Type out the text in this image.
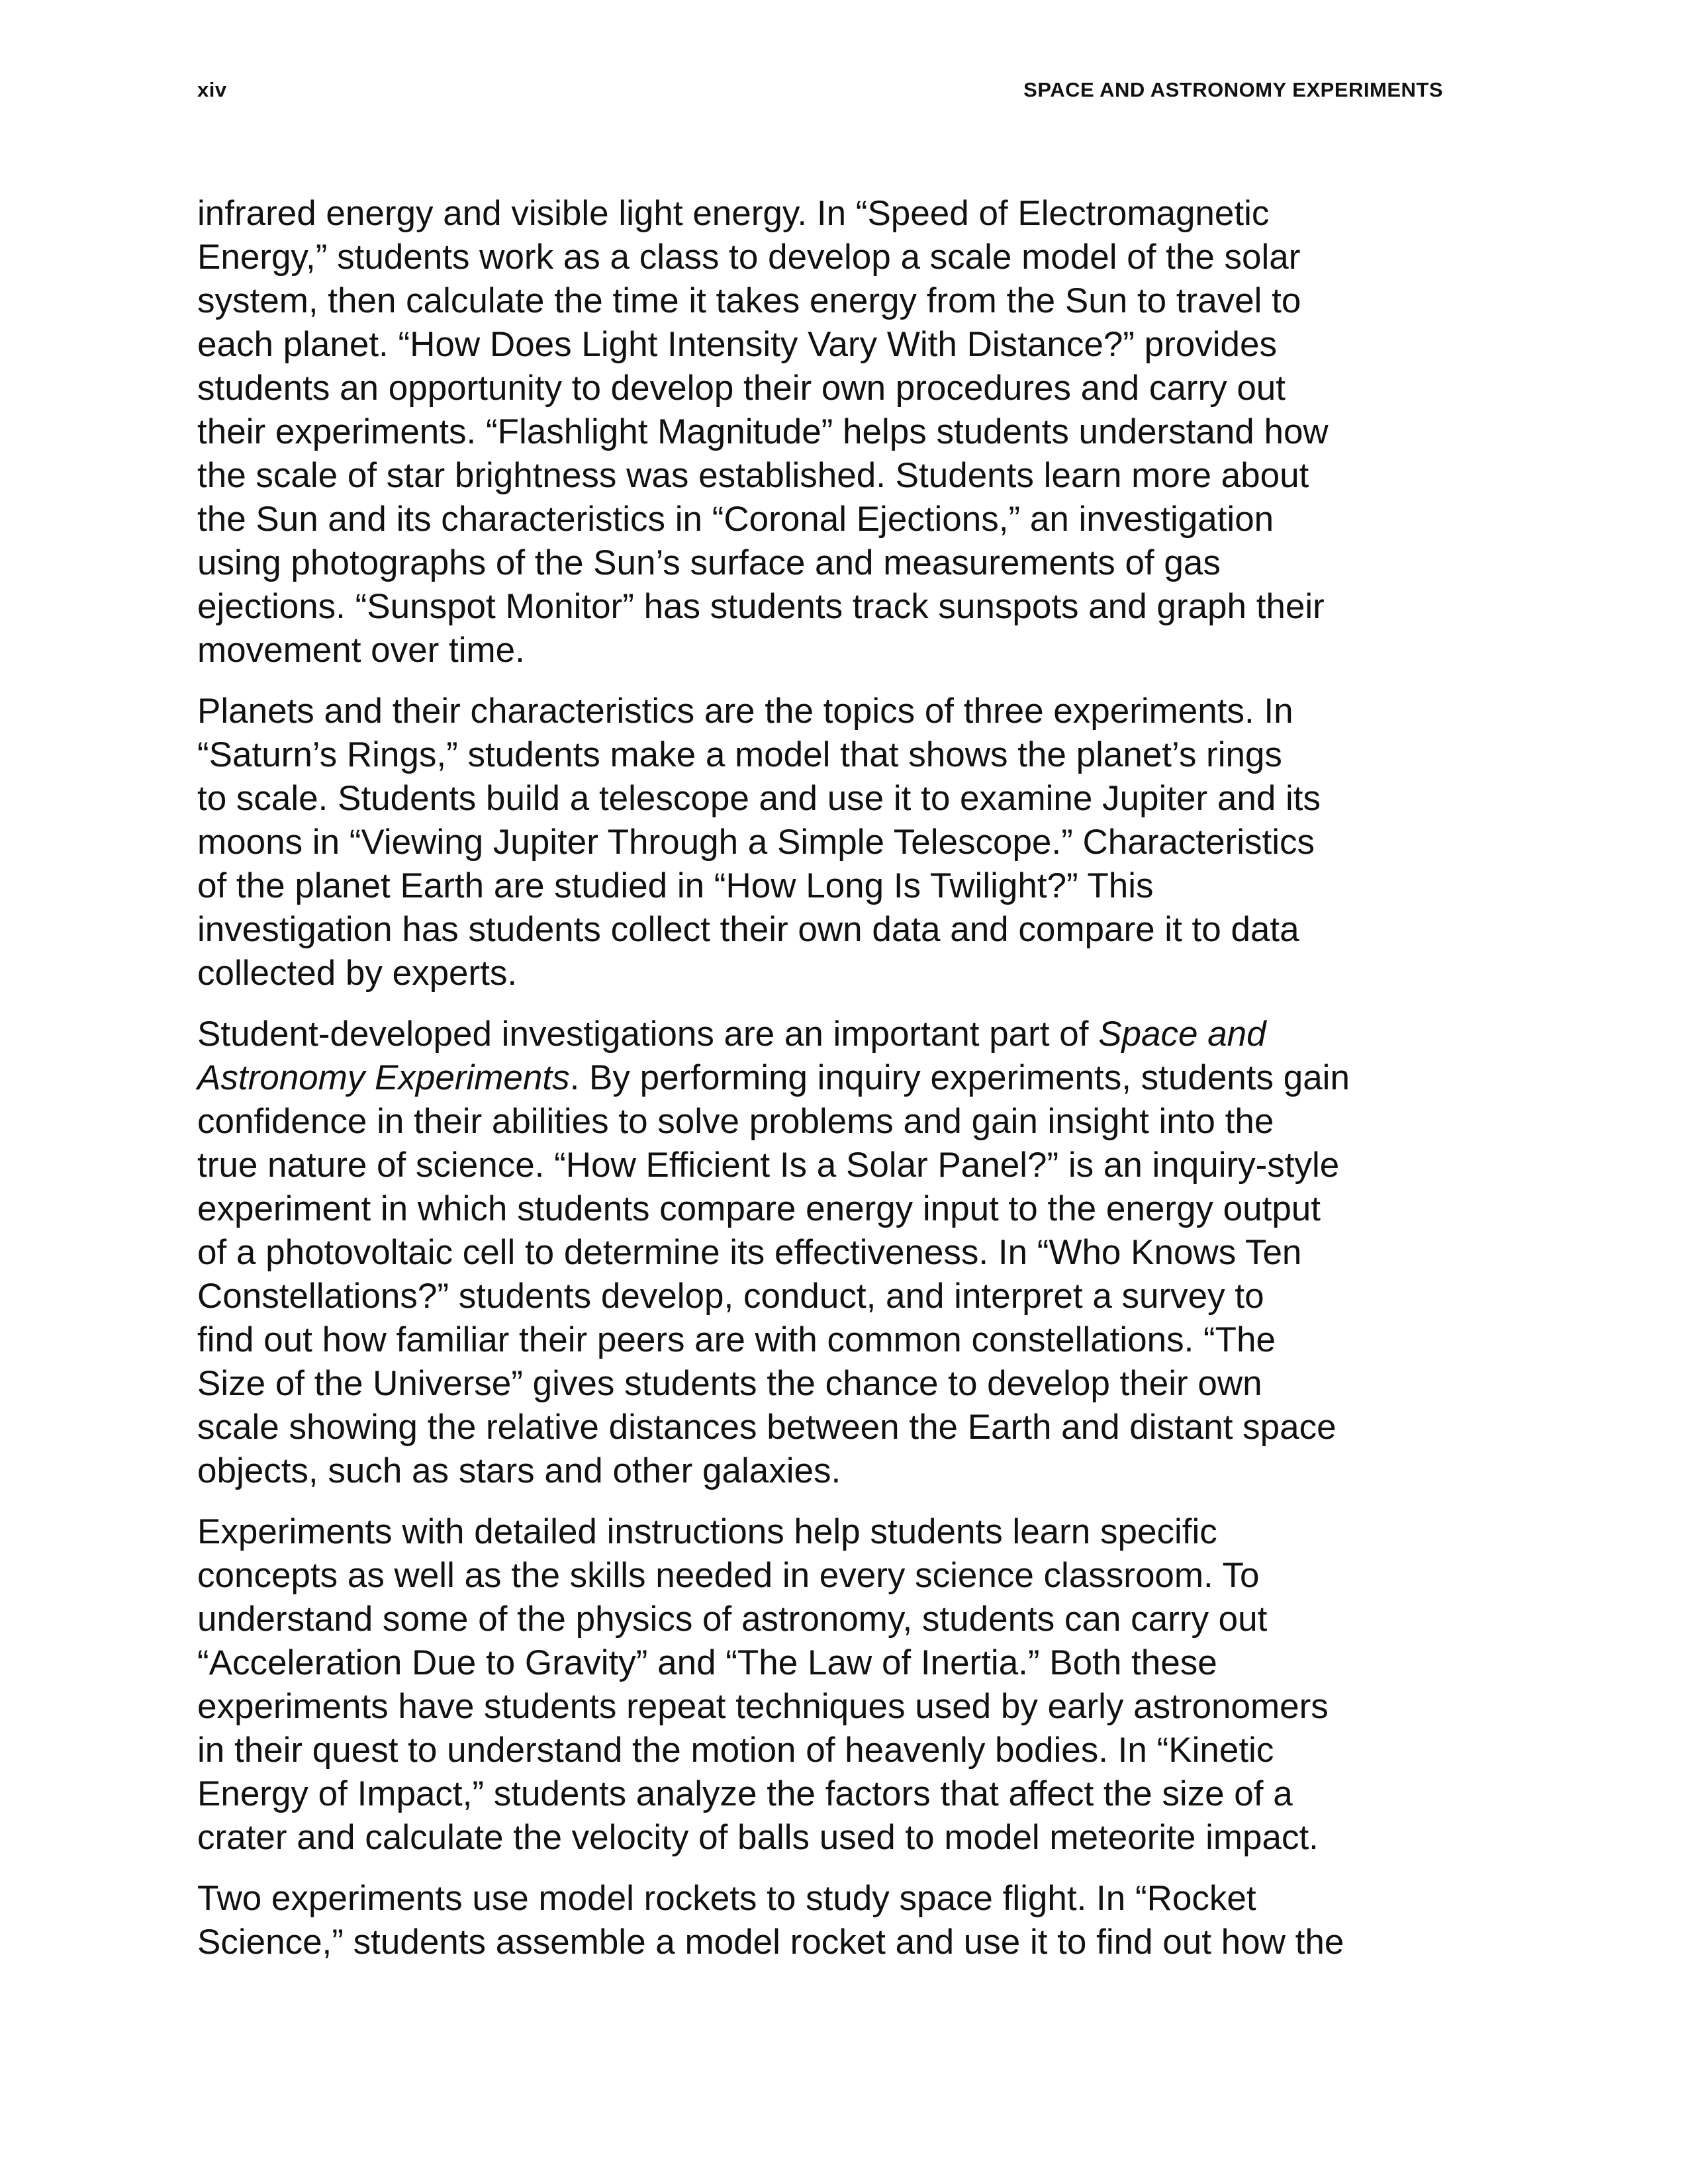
xiv	SPACE AND ASTRONOMY EXPERIMENTS
infrared energy and visible light energy. In “Speed of Electromagnetic
Energy,” students work as a class to develop a scale model of the solar
system, then calculate the time it takes energy from the Sun to travel to
each planet. “How Does Light Intensity Vary With Distance?” provides
students an opportunity to develop their own procedures and carry out
their experiments. “Flashlight Magnitude” helps students understand how
the scale of star brightness was established. Students learn more about
the Sun and its characteristics in “Coronal Ejections,” an investigation
using photographs of the Sun’s surface and measurements of gas
ejections. “Sunspot Monitor” has students track sunspots and graph their
movement over time.
Planets and their characteristics are the topics of three experiments. In
“Saturn’s Rings,” students make a model that shows the planet’s rings
to scale. Students build a telescope and use it to examine Jupiter and its
moons in “Viewing Jupiter Through a Simple Telescope.” Characteristics
of the planet Earth are studied in “How Long Is Twilight?” This
investigation has students collect their own data and compare it to data
collected by experts.
Student-developed investigations are an important part of Space and
Astronomy Experiments. By performing inquiry experiments, students gain
confidence in their abilities to solve problems and gain insight into the
true nature of science. “How Efficient Is a Solar Panel?” is an inquiry-style
experiment in which students compare energy input to the energy output
of a photovoltaic cell to determine its effectiveness. In “Who Knows Ten
Constellations?” students develop, conduct, and interpret a survey to
find out how familiar their peers are with common constellations. “The
Size of the Universe” gives students the chance to develop their own
scale showing the relative distances between the Earth and distant space
objects, such as stars and other galaxies.
Experiments with detailed instructions help students learn specific
concepts as well as the skills needed in every science classroom. To
understand some of the physics of astronomy, students can carry out
“Acceleration Due to Gravity” and “The Law of Inertia.” Both these
experiments have students repeat techniques used by early astronomers
in their quest to understand the motion of heavenly bodies. In “Kinetic
Energy of Impact,” students analyze the factors that affect the size of a
crater and calculate the velocity of balls used to model meteorite impact.
Two experiments use model rockets to study space flight. In “Rocket
Science,” students assemble a model rocket and use it to find out how the
